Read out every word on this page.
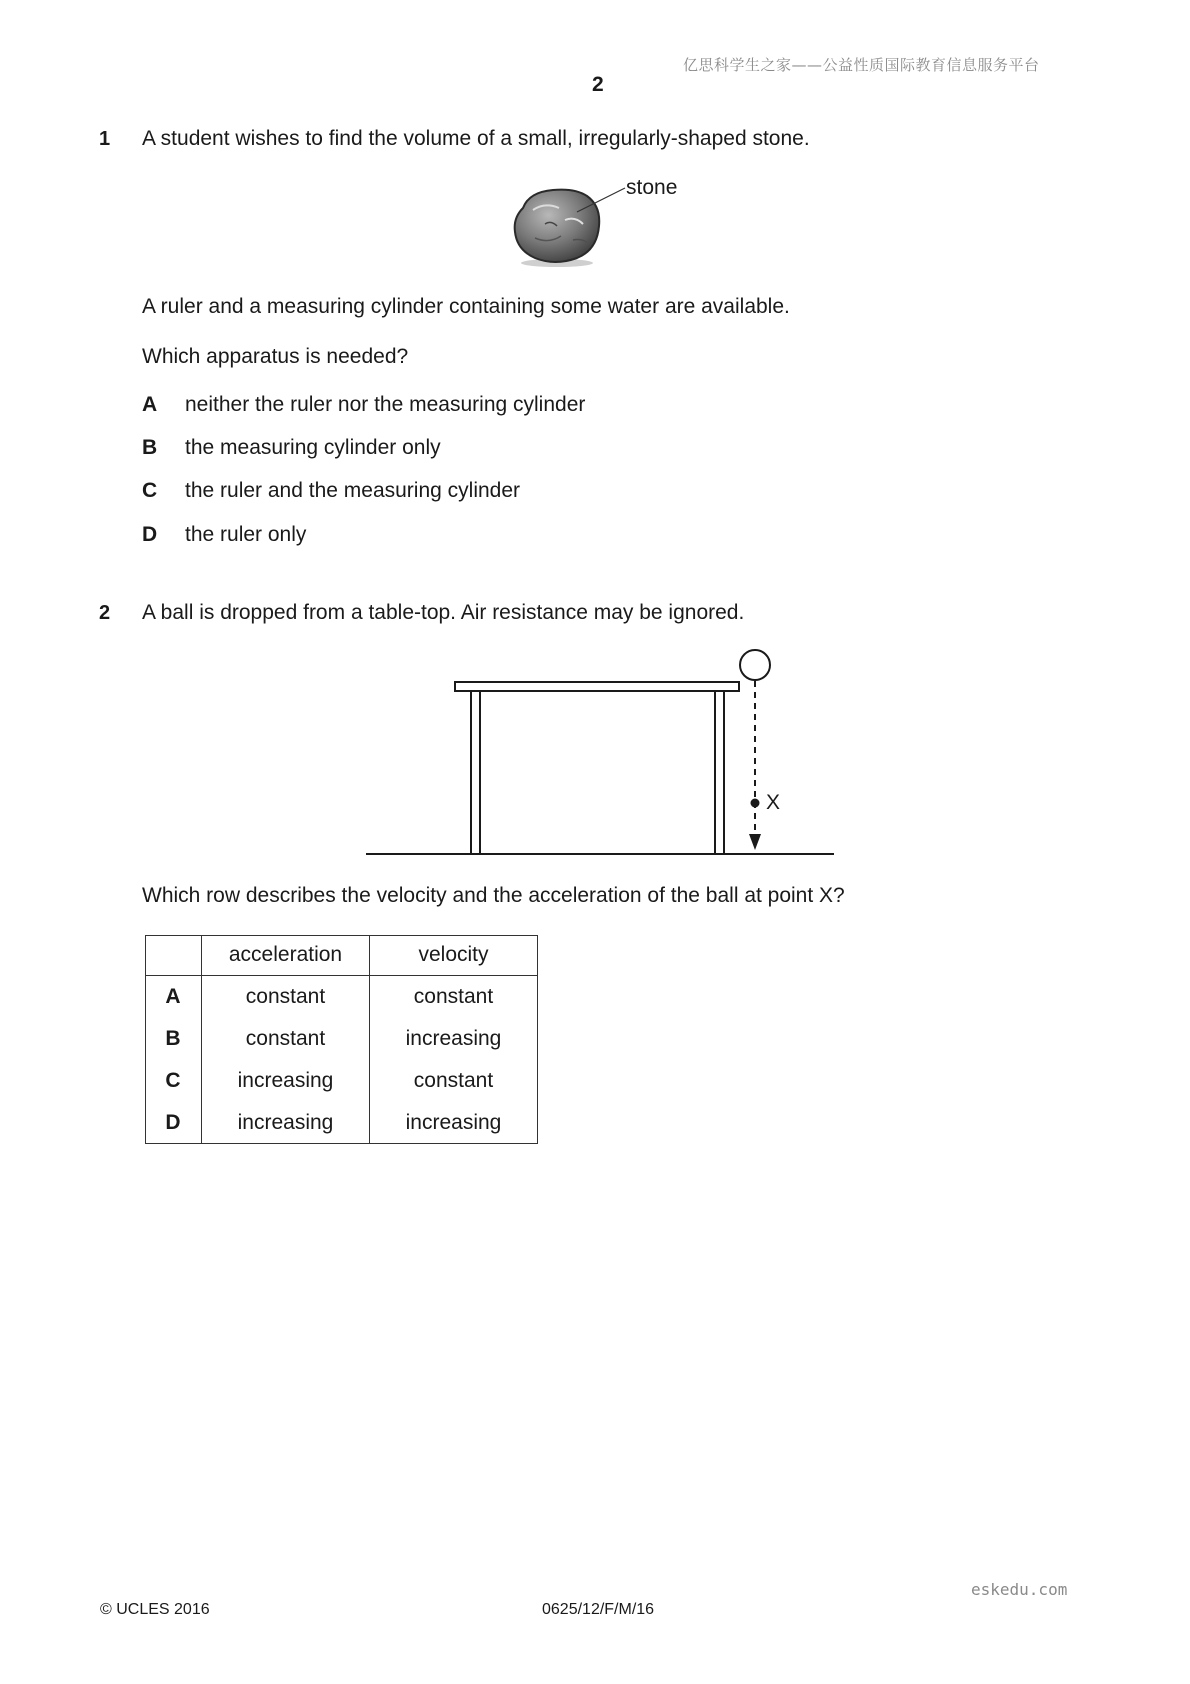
亿思科学生之家——公益性质国际教育信息服务平台
2
1 A student wishes to find the volume of a small, irregularly-shaped stone.
stone
A ruler and a measuring cylinder containing some water are available.
Which apparatus is needed?
A neither the ruler nor the measuring cylinder
B the measuring cylinder only
C the ruler and the measuring cylinder
D the ruler only
2 A ball is dropped from a table-top. Air resistance may be ignored.
X
Which row describes the velocity and the acceleration of the ball at point X?
	acceleration	velocity
A	constant	constant
B	constant	increasing
C	increasing	constant
D	increasing	increasing
eskedu.com
© UCLES 2016	0625/12/F/M/16
